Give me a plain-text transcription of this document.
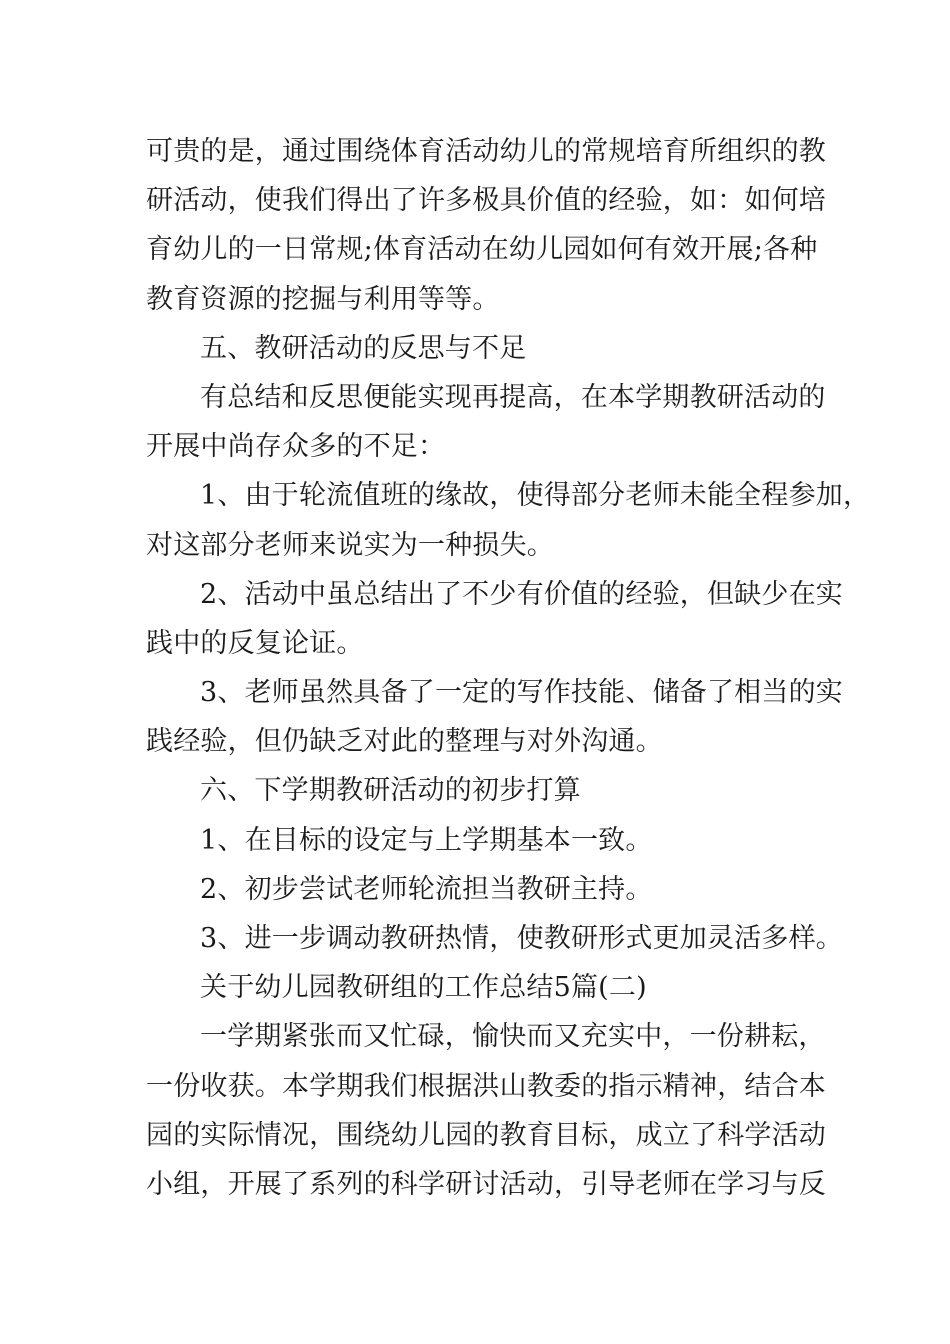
可贵的是，通过围绕体育活动幼儿的常规培育所组织的教
研活动，使我们得出了许多极具价值的经验，如：如何培
育幼儿的一日常规;体育活动在幼儿园如何有效开展;各种
教育资源的挖掘与利用等等。
五、教研活动的反思与不足
有总结和反思便能实现再提高，在本学期教研活动的
开展中尚存众多的不足：
1、由于轮流值班的缘故，使得部分老师未能全程参加，
对这部分老师来说实为一种损失。
2、活动中虽总结出了不少有价值的经验，但缺少在实
践中的反复论证。
3、老师虽然具备了一定的写作技能、储备了相当的实
践经验，但仍缺乏对此的整理与对外沟通。
六、下学期教研活动的初步打算
1、在目标的设定与上学期基本一致。
2、初步尝试老师轮流担当教研主持。
3、进一步调动教研热情，使教研形式更加灵活多样。
关于幼儿园教研组的工作总结5篇(二)
一学期紧张而又忙碌，愉快而又充实中，一份耕耘，
一份收获。本学期我们根据洪山教委的指示精神，结合本
园的实际情况，围绕幼儿园的教育目标，成立了科学活动
小组，开展了系列的科学研讨活动，引导老师在学习与反
